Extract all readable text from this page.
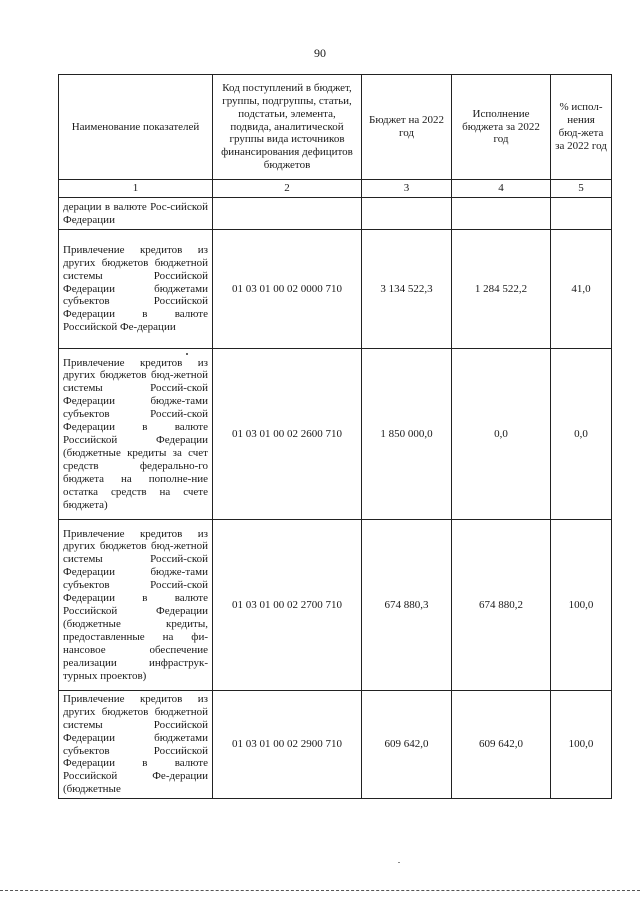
90
Наименование показателей	Код поступлений в бюджет, группы, подгруппы, статьи, подстатьи, элемента, подвида, аналитической группы вида источников финансирования дефицитов бюджетов	Бюджет на 2022 год	Исполнение бюджета за 2022 год	% испол-нения бюд-жета за 2022 год
1	2	3	4	5
дерации в валюте Рос-сийской Федерации				
Привлечение кредитов из других бюджетов бюджетной системы Российской Федерации бюджетами субъектов Российской Федерации в валюте Российской Фе-дерации	01 03 01 00 02 0000 710	3 134 522,3	1 284 522,2	41,0
Привлечение кредитов из других бюджетов бюд-жетной системы Россий-ской Федерации бюдже-тами субъектов Россий-ской Федерации в валюте Российской Федерации (бюджетные кредиты за счет средств федерально-го бюджета на пополне-ние остатка средств на счете бюджета)	01 03 01 00 02 2600 710	1 850 000,0	0,0	0,0
Привлечение кредитов из других бюджетов бюд-жетной системы Россий-ской Федерации бюдже-тами субъектов Россий-ской Федерации в валюте Российской Федерации (бюджетные кредиты, предоставленные на фи-нансовое обеспечение реализации инфраструк-турных проектов)	01 03 01 00 02 2700 710	674 880,3	674 880,2	100,0
Привлечение кредитов из других бюджетов бюджетной системы Российской Федерации бюджетами субъектов Российской Федерации в валюте Российской Фе-дерации (бюджетные	01 03 01 00 02 2900 710	609 642,0	609 642,0	100,0
